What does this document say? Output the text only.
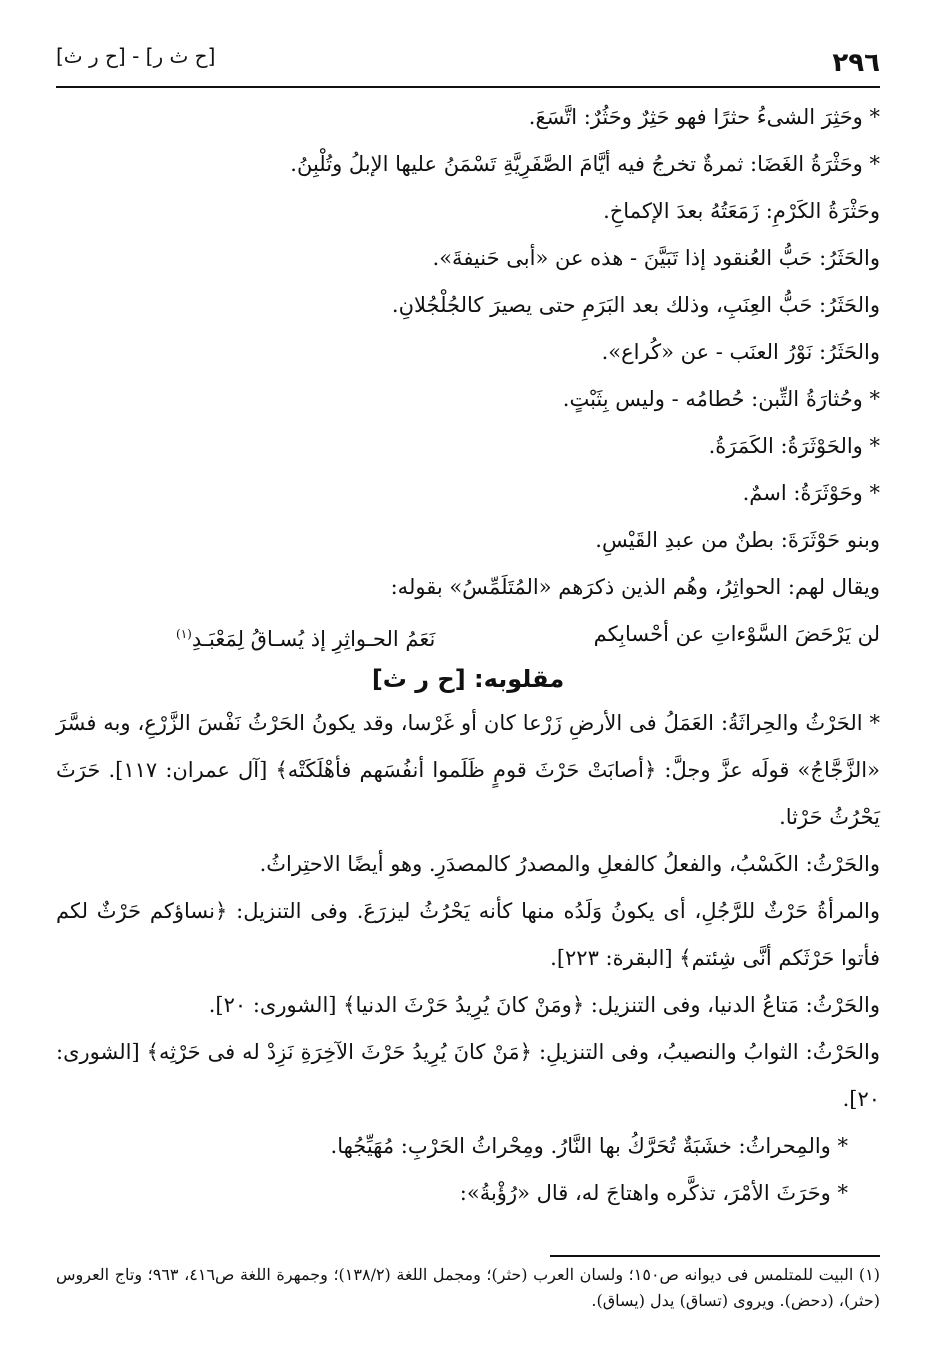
٢٩٦
[ح ث ر] - [ح ر ث]
* وحَثِرَ الشىءُ حثرًا فهو حَثِرٌ وحَثُرٌ: اتَّسَعَ.
* وحَثْرَةُ الغَضَا: ثمرةٌ تخرجُ فيه أيَّامَ الصَّفَرِيَّةِ تَسْمَنُ عليها الإبلُ وتُلْبِنُ.
وحَثْرَةُ الكَرْمِ: زَمَعَتُهُ بعدَ الإكماخِ.
والحَثَرُ: حَبُّ العُنقود إذا تَبَيَّنَ - هذه عن «أبى حَنيفةَ».
والحَثَرُ: حَبُّ العِنَبِ، وذلك بعد البَرَمِ حتى يصيرَ كالجُلْجُلانِ.
والحَثَرُ: نَوْرُ العنَب - عن «كُراع».
* وحُثارَةُ التِّبن: حُطامُه - وليس بِثَبْتٍ.
* والحَوْثَرَةُ: الكَمَرَةُ.
* وحَوْثَرَةُ: اسمٌ.
وبنو حَوْثَرَةَ: بطنٌ من عبدِ القَيْسِ.
ويقال لهم: الحواثِرُ، وهُم الذين ذكرَهم «المُتَلَمِّسُ» بقوله:
لن يَرْحَضَ السَّوْءاتِ عن أحْسابِكم
نَعَمُ الحـواثِرِ إذ يُسـاقُ لِمَعْبَـدِ$^{(١)}$
مقلوبه: [ح ر ث]
* الحَرْثُ والحِراثَةُ: العَمَلُ فى الأرضِ زَرْعا كان أو غَرْسا، وقد يكونُ الحَرْثُ نَفْسَ الزَّرْعِ، وبه فسَّرَ «الزَّجَّاجُ» قولَه عزَّ وجلَّ: ﴿أصابَتْ حَرْثَ قومٍ ظَلَموا أنفُسَهم فأهْلَكَتْه﴾ [آل عمران: ١١٧]. حَرَثَ يَحْرُثُ حَرْثا.
والحَرْثُ: الكَسْبُ، والفعلُ كالفعلِ والمصدرُ كالمصدَرِ. وهو أيضًا الاحتِراثُ.
والمرأةُ حَرْثٌ للرَّجُلِ، أى يكونُ وَلَدُه منها كأنه يَحْرُثُ ليزرَعَ. وفى التنزيل: ﴿نساؤكم حَرْثٌ لكم فأتوا حَرْثَكم أنَّى شِئتم﴾ [البقرة: ٢٢٣].
والحَرْثُ: مَتاعُ الدنيا، وفى التنزيل: ﴿ومَنْ كانَ يُرِيدُ حَرْثَ الدنيا﴾ [الشورى: ٢٠].
والحَرْثُ: الثوابُ والنصيبُ، وفى التنزيلِ: ﴿مَنْ كانَ يُرِيدُ حَرْثَ الآخِرَةِ نَزِدْ له فى حَرْثِه﴾ [الشورى: ٢٠].
* والمِحراثُ: خشَبَةٌ تُحَرَّكُ بها النَّارُ. ومِحْراثُ الحَرْبِ: مُهَيِّجُها.
* وحَرَثَ الأمْرَ، تذكَّره واهتاجَ له، قال «رُؤْبةُ»:
(١) البيت للمتلمس فى ديوانه ص١٥٠؛ ولسان العرب (حثر)؛ ومجمل اللغة (١٣٨/٢)؛ وجمهرة اللغة ص٤١٦، ٩٦٣؛ وتاج العروس (حثر)، (دحض). ويروى (تساق) يدل (يساق).
